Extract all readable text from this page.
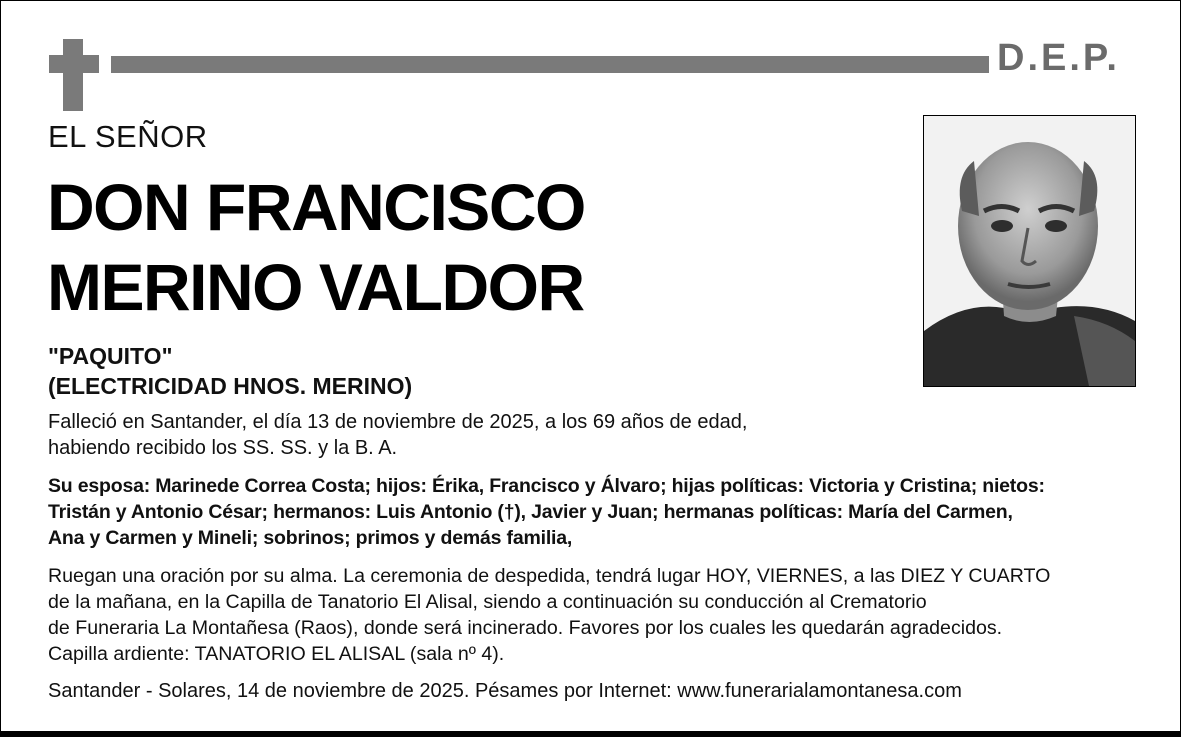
D.E.P.
EL SEÑOR
DON FRANCISCO
MERINO VALDOR
"PAQUITO"
(ELECTRICIDAD HNOS. MERINO)
Falleció en Santander, el día 13 de noviembre de 2025, a los 69 años de edad,
habiendo recibido los SS. SS. y la B. A.
Su esposa: Marinede Correa Costa; hijos: Érika, Francisco y Álvaro; hijas políticas: Victoria y Cristina; nietos:
Tristán y Antonio César; hermanos: Luis Antonio (†), Javier y Juan; hermanas políticas: María del Carmen,
Ana y Carmen y Mineli; sobrinos; primos y demás familia,
Ruegan una oración por su alma. La ceremonia de despedida, tendrá lugar HOY, VIERNES, a las DIEZ Y CUARTO
de la mañana, en la Capilla de Tanatorio El Alisal, siendo a continuación su conducción al Crematorio
de Funeraria La Montañesa (Raos), donde será incinerado. Favores por los cuales les quedarán agradecidos.
Capilla ardiente: TANATORIO EL ALISAL (sala nº 4).
Santander - Solares, 14 de noviembre de 2025. Pésames por Internet: www.funerarialamontanesa.com
